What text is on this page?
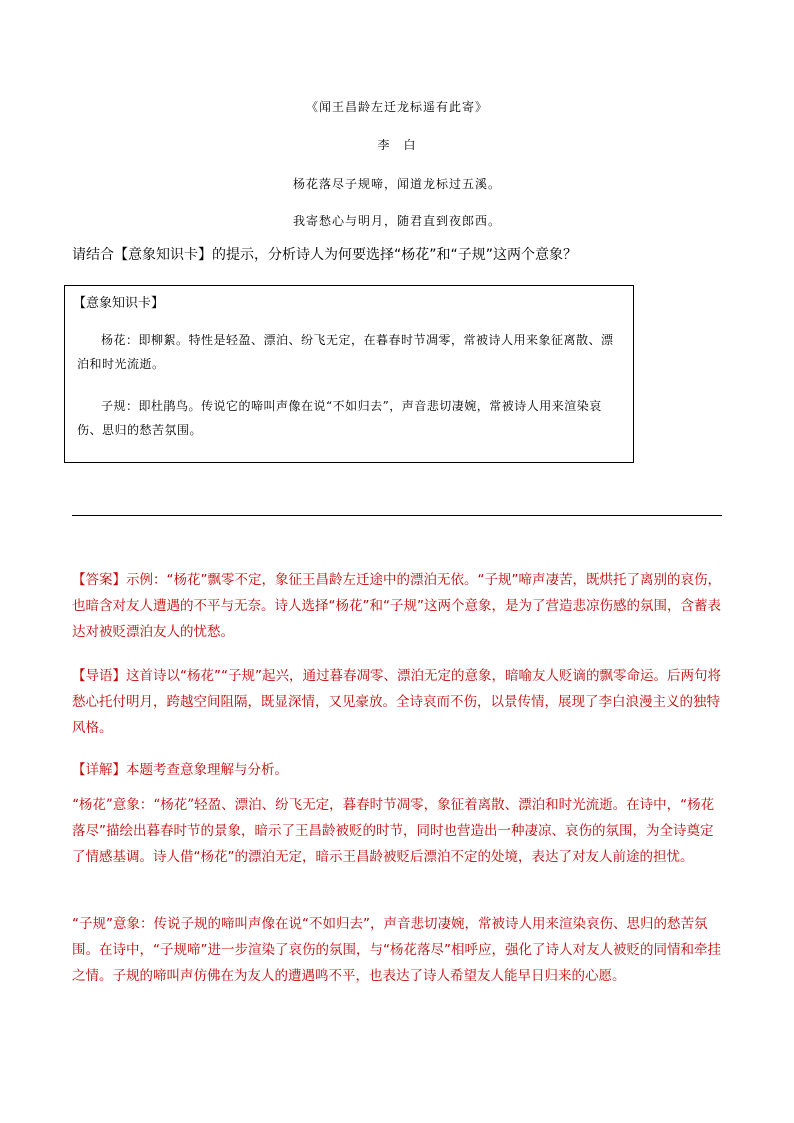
《闻王昌龄左迁龙标遥有此寄》
李　白
杨花落尽子规啼，闻道龙标过五溪。
我寄愁心与明月，随君直到夜郎西。
请结合【意象知识卡】的提示，分析诗人为何要选择“杨花”和“子规”这两个意象？
【意象知识卡】
杨花：即柳絮。特性是轻盈、漂泊、纷飞无定，在暮春时节凋零，常被诗人用来象征离散、漂泊和时光流逝。
子规：即杜鹃鸟。传说它的啼叫声像在说“不如归去”，声音悲切凄婉，常被诗人用来渲染哀伤、思归的愁苦氛围。
【答案】示例：“杨花”飘零不定，象征王昌龄左迁途中的漂泊无依。“子规”啼声凄苦，既烘托了离别的哀伤，也暗含对友人遭遇的不平与无奈。诗人选择“杨花”和“子规”这两个意象，是为了营造悲凉伤感的氛围，含蓄表达对被贬漂泊友人的忧愁。
【导语】这首诗以“杨花”“子规”起兴，通过暮春凋零、漂泊无定的意象，暗喻友人贬谪的飘零命运。后两句将愁心托付明月，跨越空间阻隔，既显深情，又见豪放。全诗哀而不伤，以景传情，展现了李白浪漫主义的独特风格。
【详解】本题考查意象理解与分析。
“杨花”意象：“杨花”轻盈、漂泊、纷飞无定，暮春时节凋零，象征着离散、漂泊和时光流逝。在诗中，“杨花落尽”描绘出暮春时节的景象，暗示了王昌龄被贬的时节，同时也营造出一种凄凉、哀伤的氛围，为全诗奠定了情感基调。诗人借“杨花”的漂泊无定，暗示王昌龄被贬后漂泊不定的处境，表达了对友人前途的担忧。
“子规”意象：传说子规的啼叫声像在说“不如归去”，声音悲切凄婉，常被诗人用来渲染哀伤、思归的愁苦氛围。在诗中，“子规啼”进一步渲染了哀伤的氛围，与“杨花落尽”相呼应，强化了诗人对友人被贬的同情和牵挂之情。子规的啼叫声仿佛在为友人的遭遇鸣不平，也表达了诗人希望友人能早日归来的心愿。
